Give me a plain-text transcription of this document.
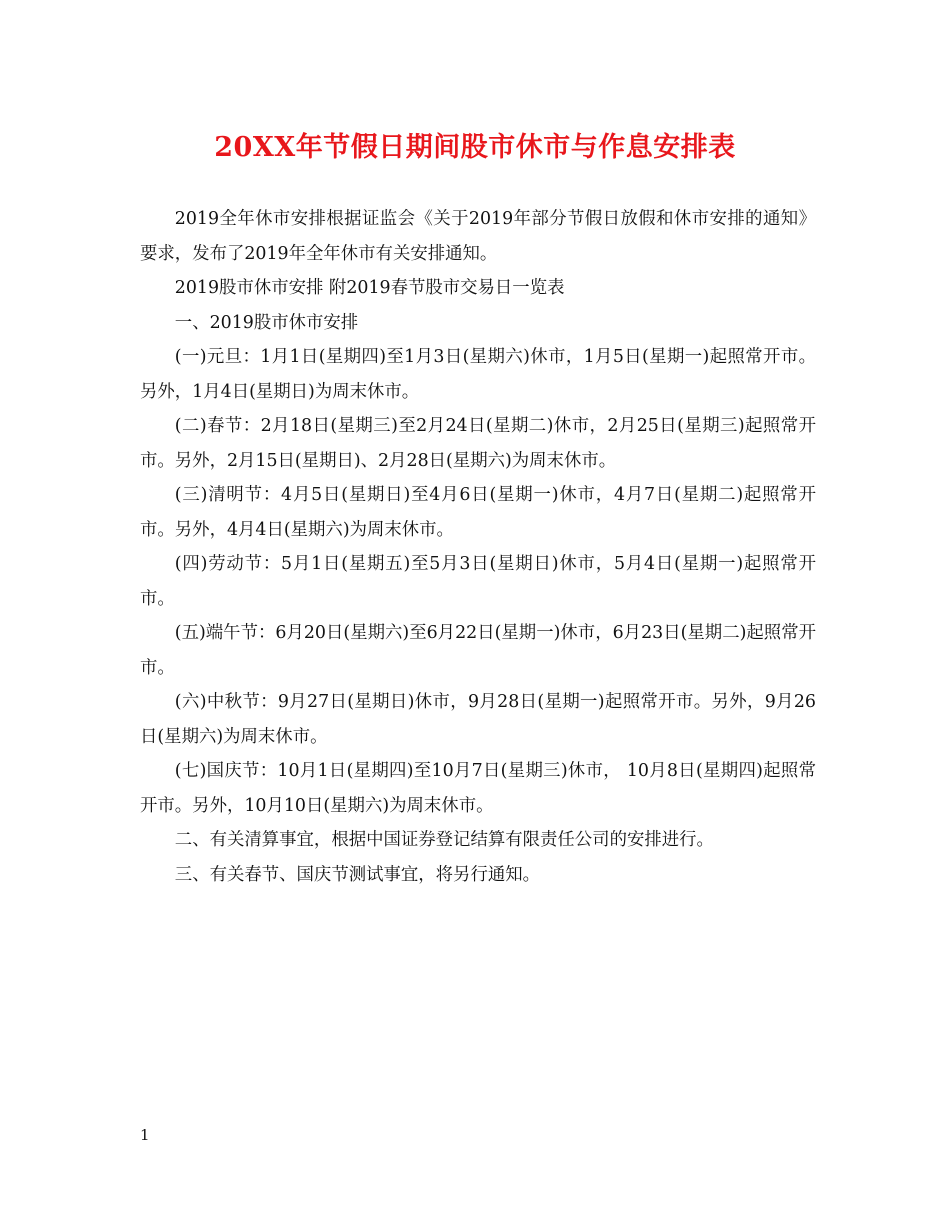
20XX年节假日期间股市休市与作息安排表

2019全年休市安排根据证监会《关于2019年部分节假日放假和休市安排的通知》要求，发布了2019年全年休市有关安排通知。

2019股市休市安排 附2019春节股市交易日一览表

一、2019股市休市安排

(一)元旦：1月1日(星期四)至1月3日(星期六)休市，1月5日(星期一)起照常开市。另外，1月4日(星期日)为周末休市。

(二)春节：2月18日(星期三)至2月24日(星期二)休市，2月25日(星期三)起照常开市。另外，2月15日(星期日)、2月28日(星期六)为周末休市。

(三)清明节：4月5日(星期日)至4月6日(星期一)休市，4月7日(星期二)起照常开市。另外，4月4日(星期六)为周末休市。

(四)劳动节：5月1日(星期五)至5月3日(星期日)休市，5月4日(星期一)起照常开市。

(五)端午节：6月20日(星期六)至6月22日(星期一)休市，6月23日(星期二)起照常开市。

(六)中秋节：9月27日(星期日)休市，9月28日(星期一)起照常开市。另外，9月26日(星期六)为周末休市。

(七)国庆节：10月1日(星期四)至10月7日(星期三)休市， 10月8日(星期四)起照常开市。另外，10月10日(星期六)为周末休市。

二、有关清算事宜，根据中国证券登记结算有限责任公司的安排进行。

三、有关春节、国庆节测试事宜，将另行通知。

1
